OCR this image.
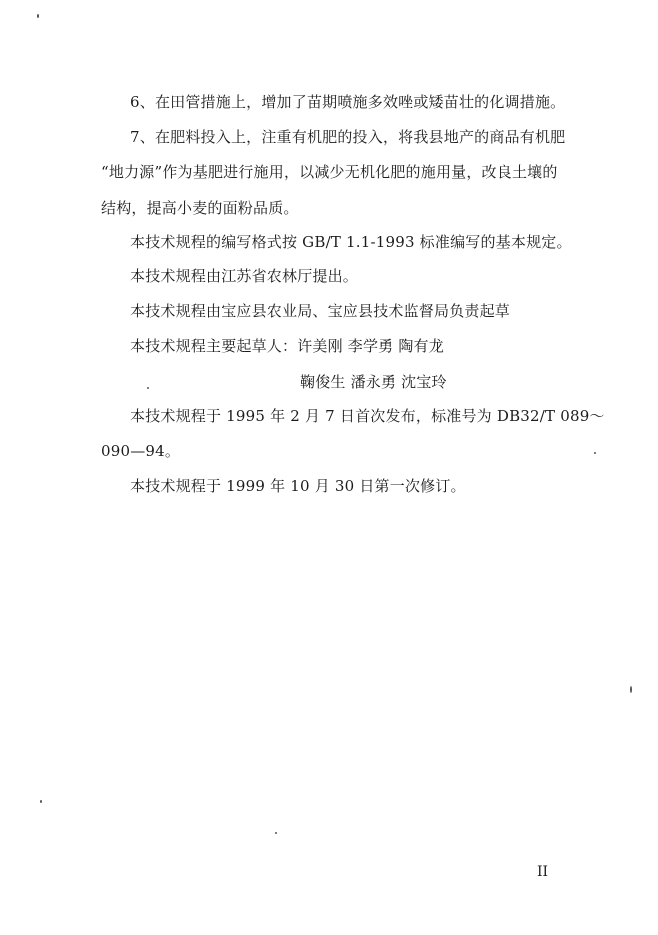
6、在田管措施上，增加了苗期喷施多效唑或矮苗壮的化调措施。
7、在肥料投入上，注重有机肥的投入，将我县地产的商品有机肥
“地力源”作为基肥进行施用，以减少无机化肥的施用量，改良土壤的
结构，提高小麦的面粉品质。
本技术规程的编写格式按 GB/T 1.1-1993 标准编写的基本规定。
本技术规程由江苏省农林厅提出。
本技术规程由宝应县农业局、宝应县技术监督局负责起草
本技术规程主要起草人：许美刚 李学勇 陶有龙
鞠俊生 潘永勇 沈宝玲
本技术规程于 1995 年 2 月 7 日首次发布，标准号为 DB32/T 089～
090—94。
本技术规程于 1999 年 10 月 30 日第一次修订。
II
